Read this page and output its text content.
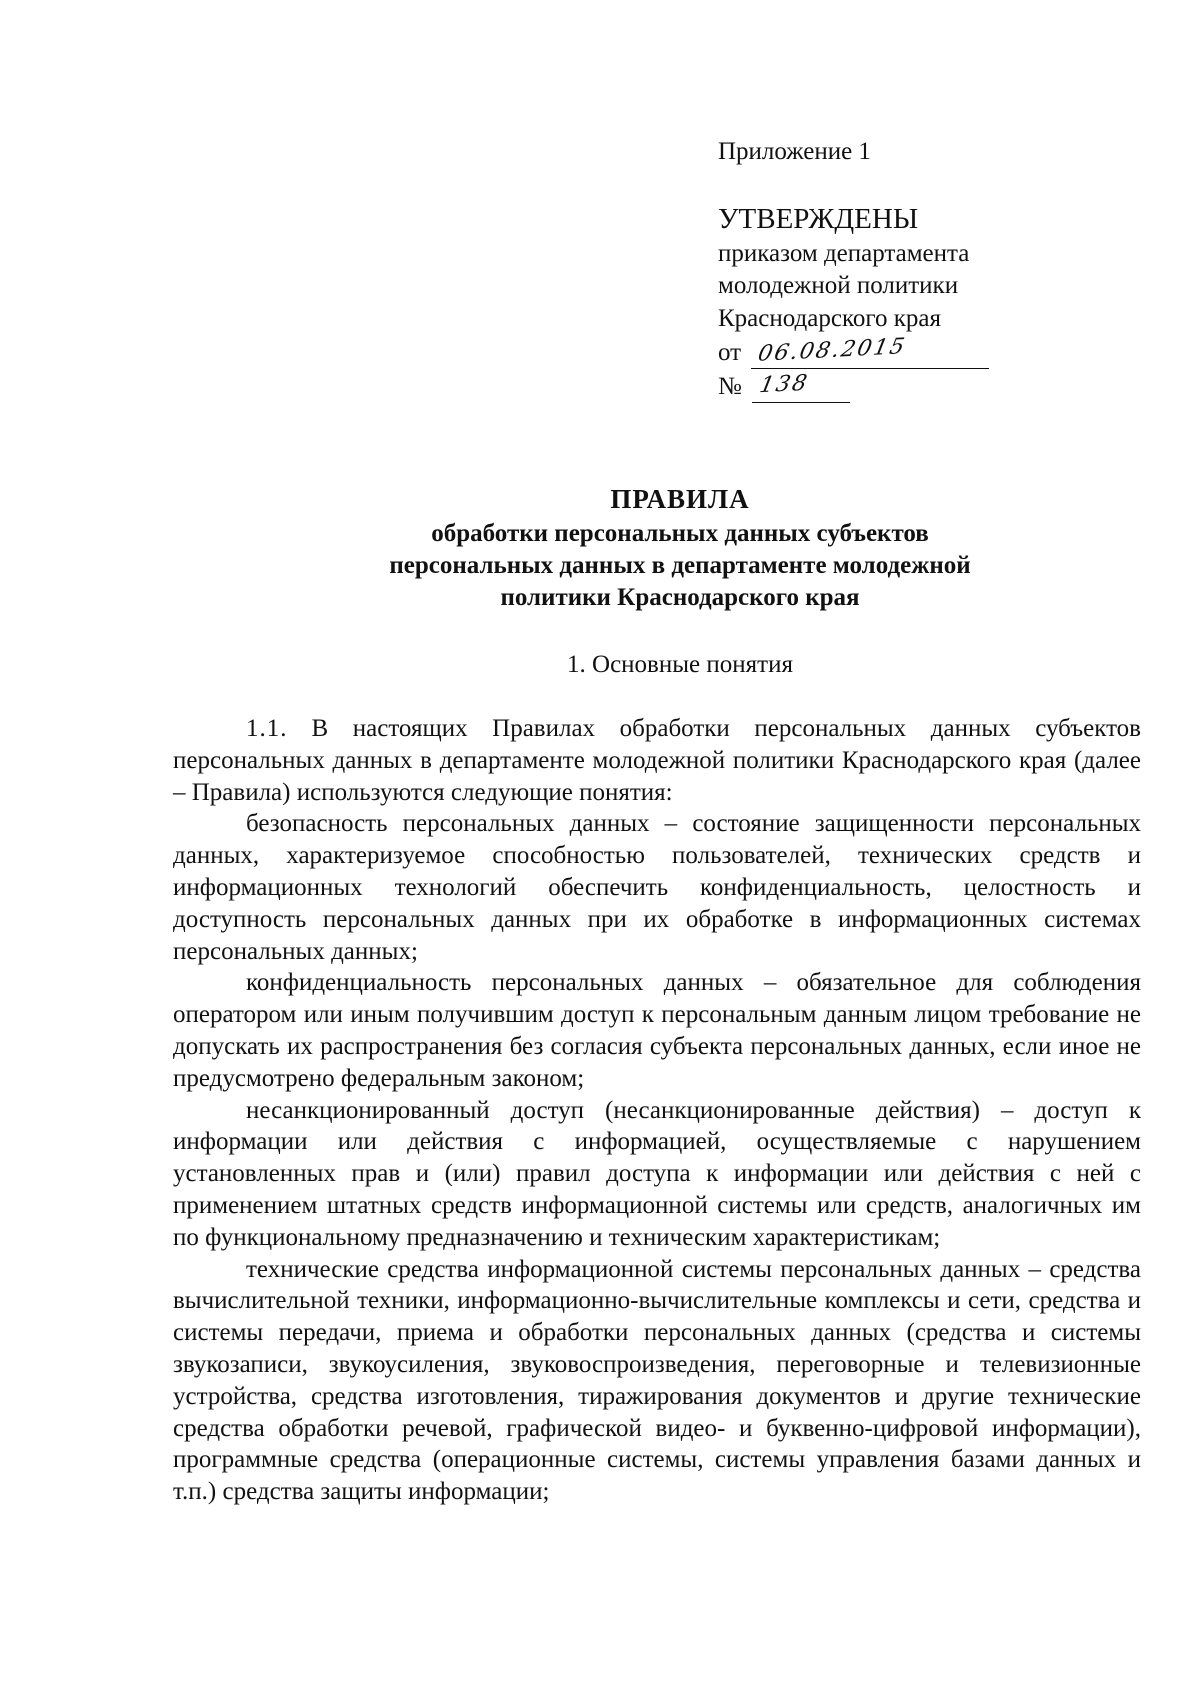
Приложение 1
УТВЕРЖДЕНЫ
приказом департамента
молодежной политики
Краснодарского края
от 06.08.2015
№ 138
ПРАВИЛА
обработки персональных данных субъектов
персональных данных в департаменте молодежной
политики Краснодарского края
1. Основные понятия

1.1. В настоящих Правилах обработки персональных данных субъектов персональных данных в департаменте молодежной политики Краснодарского края (далее – Правила) используются следующие понятия:

безопасность персональных данных – состояние защищенности персональных данных, характеризуемое способностью пользователей, технических средств и информационных технологий обеспечить конфиденциальность, целостность и доступность персональных данных при их обработке в информационных системах персональных данных;

конфиденциальность персональных данных – обязательное для соблюдения оператором или иным получившим доступ к персональным данным лицом требование не допускать их распространения без согласия субъекта персональных данных, если иное не предусмотрено федеральным законом;

несанкционированный доступ (несанкционированные действия) – доступ к информации или действия с информацией, осуществляемые с нарушением установленных прав и (или) правил доступа к информации или действия с ней с применением штатных средств информационной системы или средств, аналогичных им по функциональному предназначению и техническим характеристикам;

технические средства информационной системы персональных данных – средства вычислительной техники, информационно-вычислительные комплексы и сети, средства и системы передачи, приема и обработки персональных данных (средства и системы звукозаписи, звукоусиления, звуковоспроизведения, переговорные и телевизионные устройства, средства изготовления, тиражирования документов и другие технические средства обработки речевой, графической видео- и буквенно-цифровой информации), программные средства (операционные системы, системы управления базами данных и т.п.) средства защиты информации;
